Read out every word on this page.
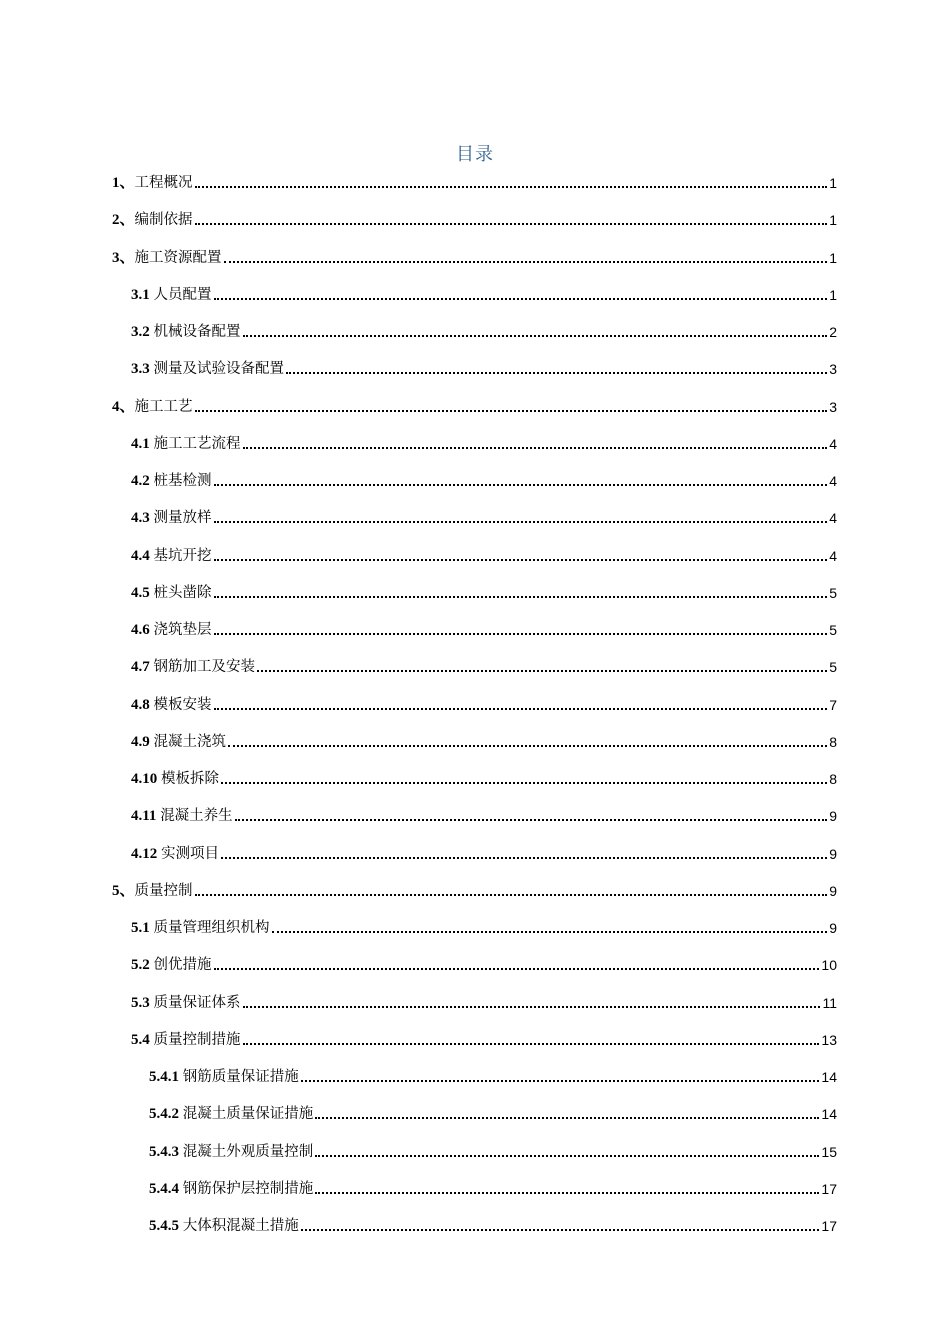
目录
1、工程概况	1
2、编制依据	1
3、施工资源配置	1
3.1 人员配置	1
3.2 机械设备配置	2
3.3 测量及试验设备配置	3
4、施工工艺	3
4.1 施工工艺流程	4
4.2 桩基检测	4
4.3 测量放样	4
4.4 基坑开挖	4
4.5 桩头凿除	5
4.6 浇筑垫层	5
4.7 钢筋加工及安装	5
4.8 模板安装	7
4.9 混凝土浇筑	8
4.10 模板拆除	8
4.11 混凝土养生	9
4.12 实测项目	9
5、质量控制	9
5.1 质量管理组织机构	9
5.2 创优措施	10
5.3 质量保证体系	11
5.4 质量控制措施	13
5.4.1 钢筋质量保证措施	14
5.4.2 混凝土质量保证措施	14
5.4.3 混凝土外观质量控制	15
5.4.4 钢筋保护层控制措施	17
5.4.5 大体积混凝土措施	17
